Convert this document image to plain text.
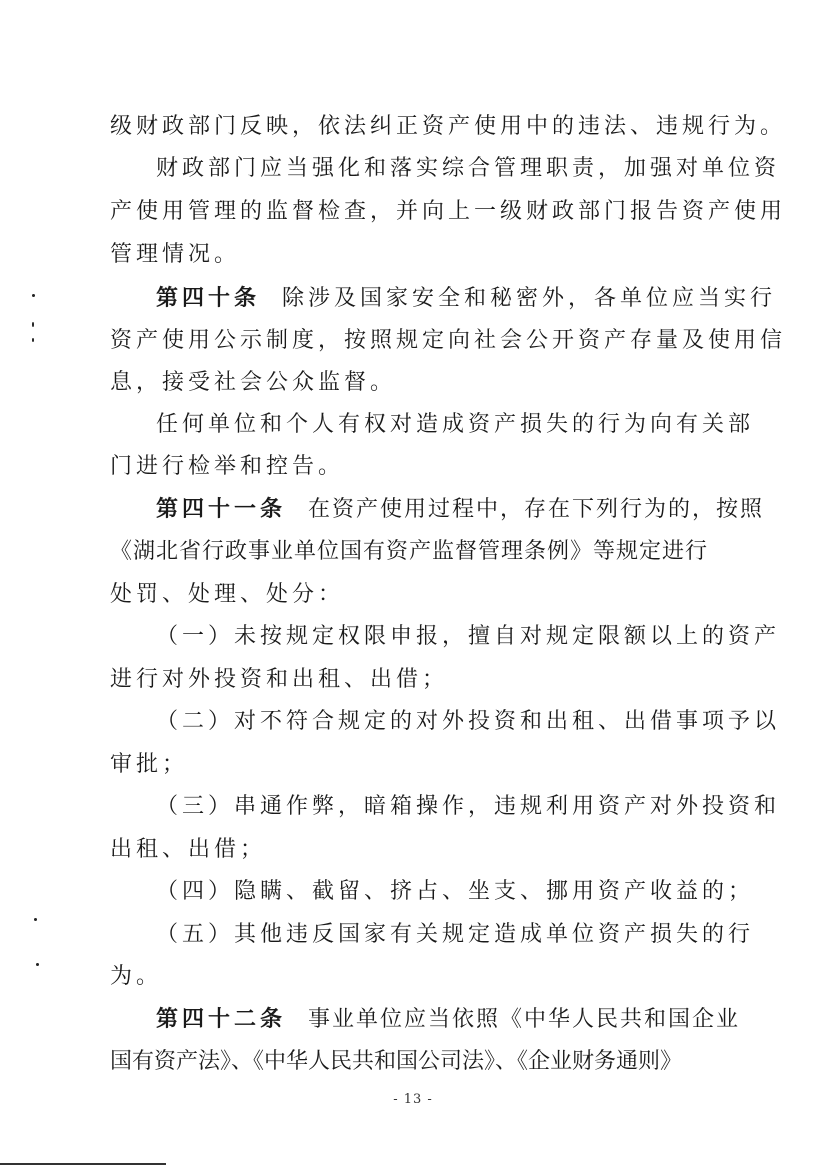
级财政部门反映，依法纠正资产使用中的违法、违规行为。
财政部门应当强化和落实综合管理职责，加强对单位资
产使用管理的监督检查，并向上一级财政部门报告资产使用
管理情况。
第四十条 除涉及国家安全和秘密外，各单位应当实行
资产使用公示制度，按照规定向社会公开资产存量及使用信
息，接受社会公众监督。
任何单位和个人有权对造成资产损失的行为向有关部
门进行检举和控告。
第四十一条 在资产使用过程中，存在下列行为的，按照
《湖北省行政事业单位国有资产监督管理条例》等规定进行
处罚、处理、处分：
（一）未按规定权限申报，擅自对规定限额以上的资产
进行对外投资和出租、出借；
（二）对不符合规定的对外投资和出租、出借事项予以
审批；
（三）串通作弊，暗箱操作，违规利用资产对外投资和
出租、出借；
（四）隐瞒、截留、挤占、坐支、挪用资产收益的；
（五）其他违反国家有关规定造成单位资产损失的行
为。
第四十二条 事业单位应当依照《中华人民共和国企业
国有资产法》、《中华人民共和国公司法》、《企业财务通则》
- 13 -
